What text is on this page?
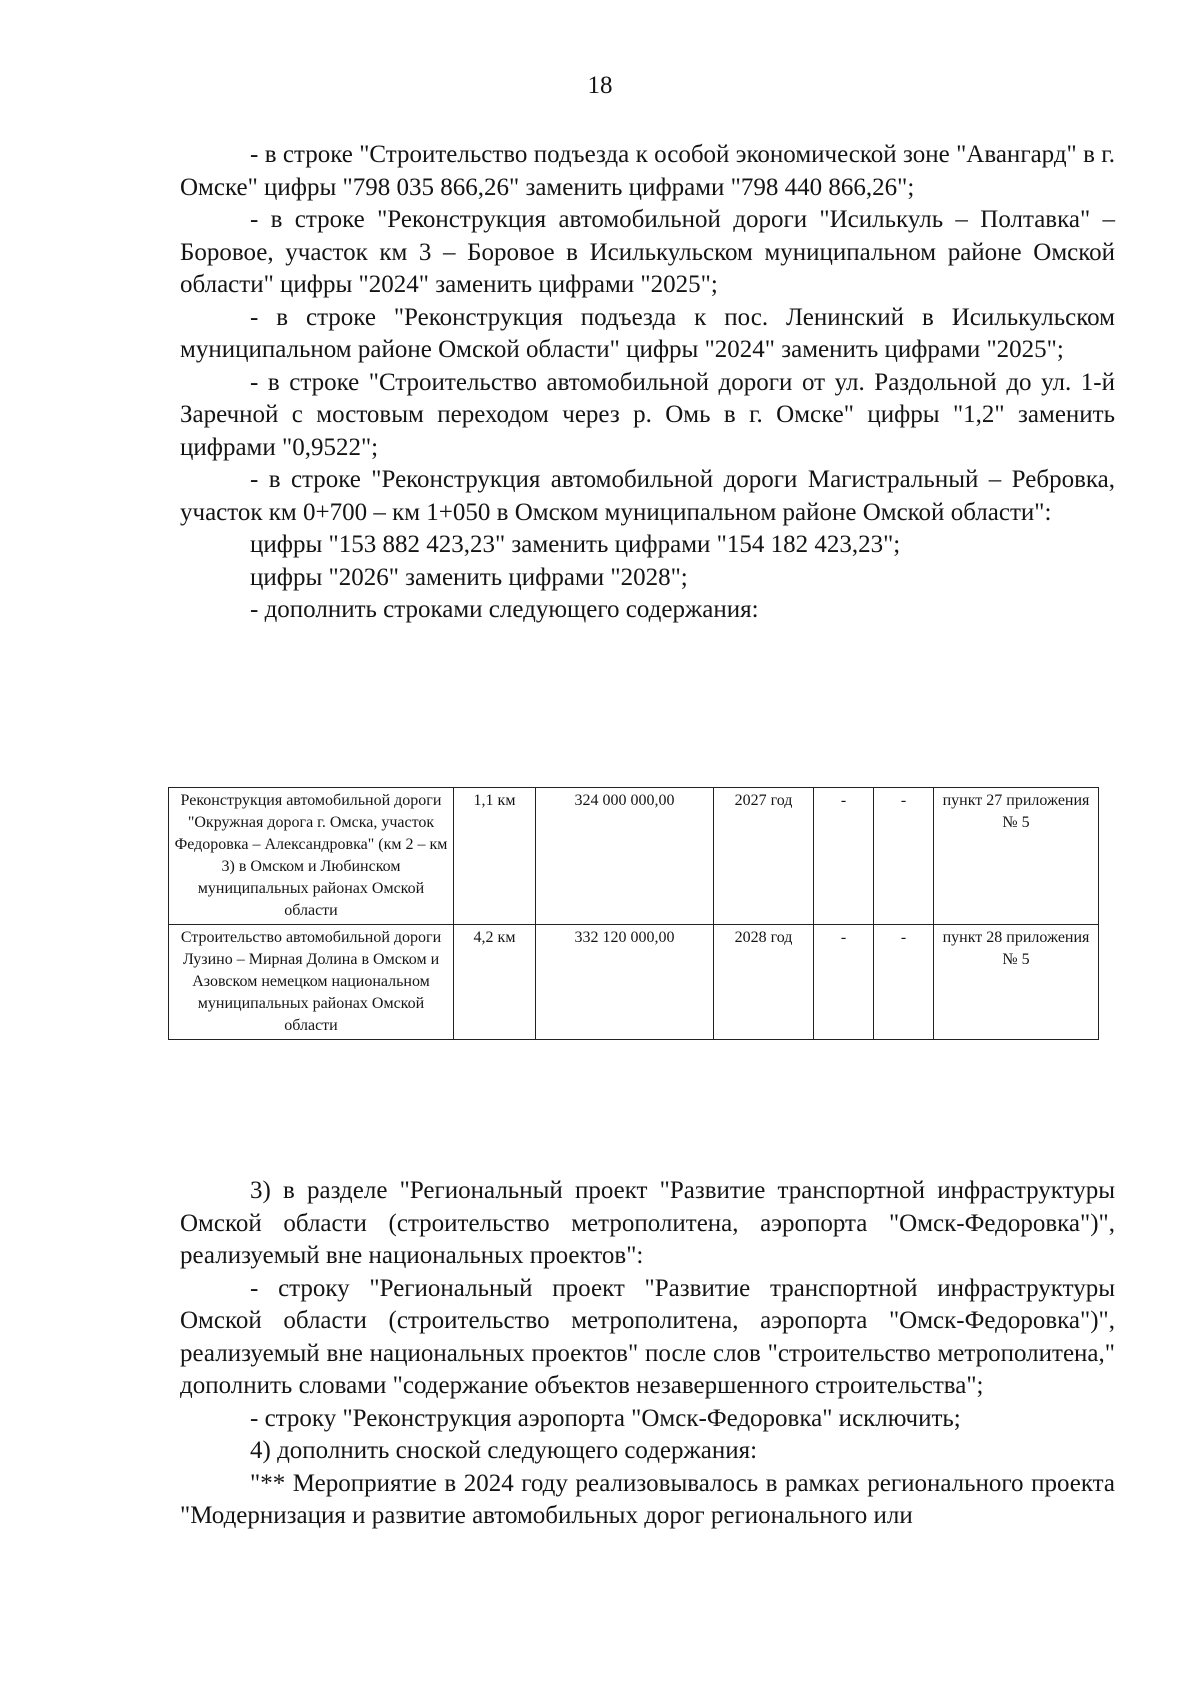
18

- в строке "Строительство подъезда к особой экономической зоне "Авангард" в г. Омске" цифры "798 035 866,26" заменить цифрами "798 440 866,26";

- в строке "Реконструкция автомобильной дороги "Исилькуль – Полтавка" – Боровое, участок км 3 – Боровое в Исилькульском муниципальном районе Омской области" цифры "2024" заменить цифрами "2025";

- в строке "Реконструкция подъезда к пос. Ленинский в Исилькульском муниципальном районе Омской области" цифры "2024" заменить цифрами "2025";

- в строке "Строительство автомобильной дороги от ул. Раздольной до ул. 1-й Заречной с мостовым переходом через р. Омь в г. Омске" цифры "1,2" заменить цифрами "0,9522";

- в строке "Реконструкция автомобильной дороги Магистральный – Ребровка, участок км 0+700 – км 1+050 в Омском муниципальном районе Омской области":

цифры "153 882 423,23" заменить цифрами "154 182 423,23";

цифры "2026" заменить цифрами "2028";

- дополнить строками следующего содержания:

Реконструкция автомобильной дороги "Окружная дорога г. Омска, участок Федоровка – Александровка" (км 2 – км 3) в Омском и Любинском муниципальных районах Омской области	1,1 км	324 000 000,00	2027 год	-	-	пункт 27 приложения № 5
Строительство автомобильной дороги Лузино – Мирная Долина в Омском и Азовском немецком национальном муниципальных районах Омской области	4,2 км	332 120 000,00	2028 год	-	-	пункт 28 приложения № 5

3) в разделе "Региональный проект "Развитие транспортной инфраструктуры Омской области (строительство метрополитена, аэропорта "Омск-Федоровка")", реализуемый вне национальных проектов":

- строку "Региональный проект "Развитие транспортной инфраструктуры Омской области (строительство метрополитена, аэропорта "Омск-Федоровка")", реализуемый вне национальных проектов" после слов "строительство метрополитена," дополнить словами "содержание объектов незавершенного строительства";

- строку "Реконструкция аэропорта "Омск-Федоровка" исключить;

4) дополнить сноской следующего содержания:

"** Мероприятие в 2024 году реализовывалось в рамках регионального проекта "Модернизация и развитие автомобильных дорог регионального или
